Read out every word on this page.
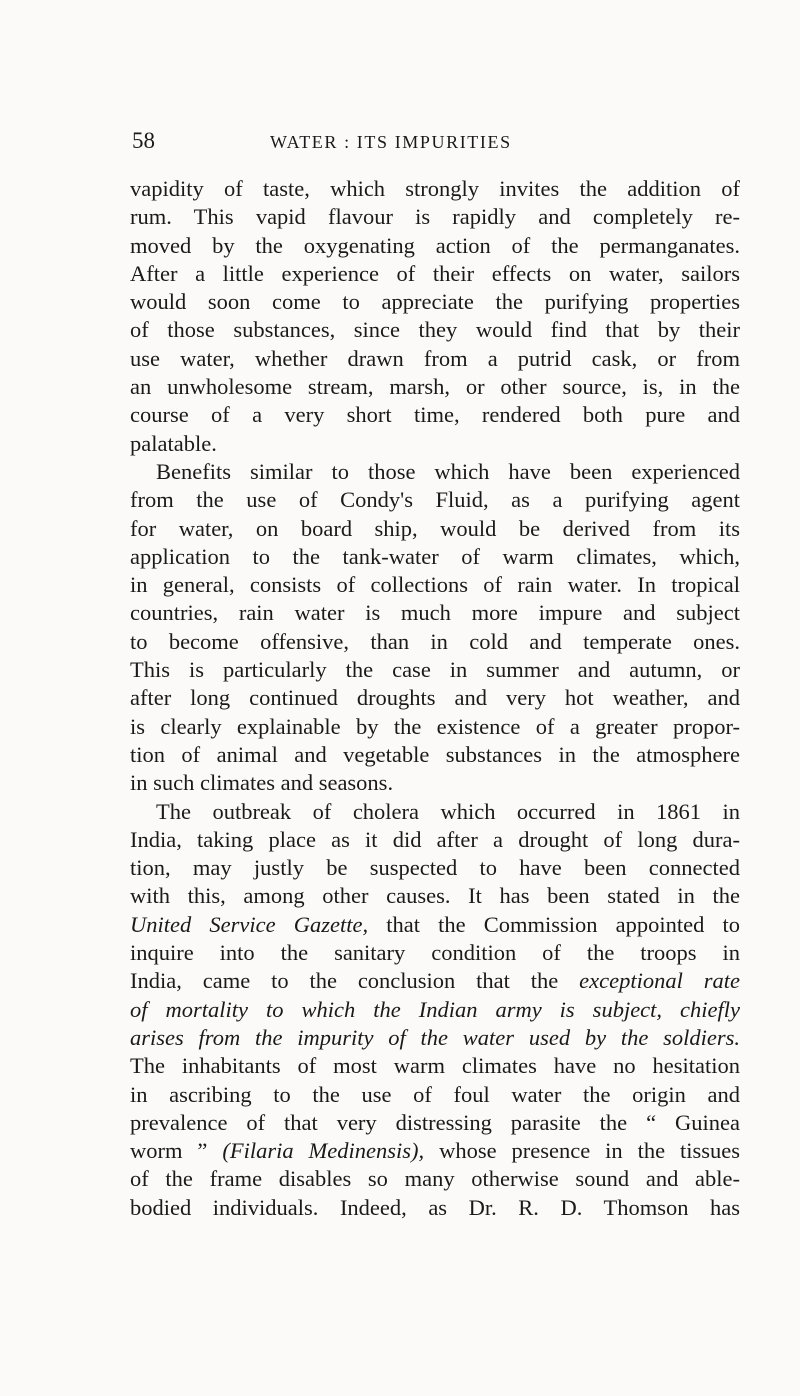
58	WATER : ITS IMPURITIES
vapidity of taste, which strongly invites the addition of
rum. This vapid flavour is rapidly and completely re-
moved by the oxygenating action of the permanganates.
After a little experience of their effects on water, sailors
would soon come to appreciate the purifying properties
of those substances, since they would find that by their
use water, whether drawn from a putrid cask, or from
an unwholesome stream, marsh, or other source, is, in the
course of a very short time, rendered both pure and
palatable.
Benefits similar to those which have been experienced
from the use of Condy's Fluid, as a purifying agent
for water, on board ship, would be derived from its
application to the tank-water of warm climates, which,
in general, consists of collections of rain water. In tropical
countries, rain water is much more impure and subject
to become offensive, than in cold and temperate ones.
This is particularly the case in summer and autumn, or
after long continued droughts and very hot weather, and
is clearly explainable by the existence of a greater propor-
tion of animal and vegetable substances in the atmosphere
in such climates and seasons.
The outbreak of cholera which occurred in 1861 in
India, taking place as it did after a drought of long dura-
tion, may justly be suspected to have been connected
with this, among other causes. It has been stated in the
United Service Gazette, that the Commission appointed to
inquire into the sanitary condition of the troops in
India, came to the conclusion that the exceptional rate
of mortality to which the Indian army is subject, chiefly
arises from the impurity of the water used by the soldiers.
The inhabitants of most warm climates have no hesitation
in ascribing to the use of foul water the origin and
prevalence of that very distressing parasite the “ Guinea
worm ” (Filaria Medinensis), whose presence in the tissues
of the frame disables so many otherwise sound and able-
bodied individuals. Indeed, as Dr. R. D. Thomson has
